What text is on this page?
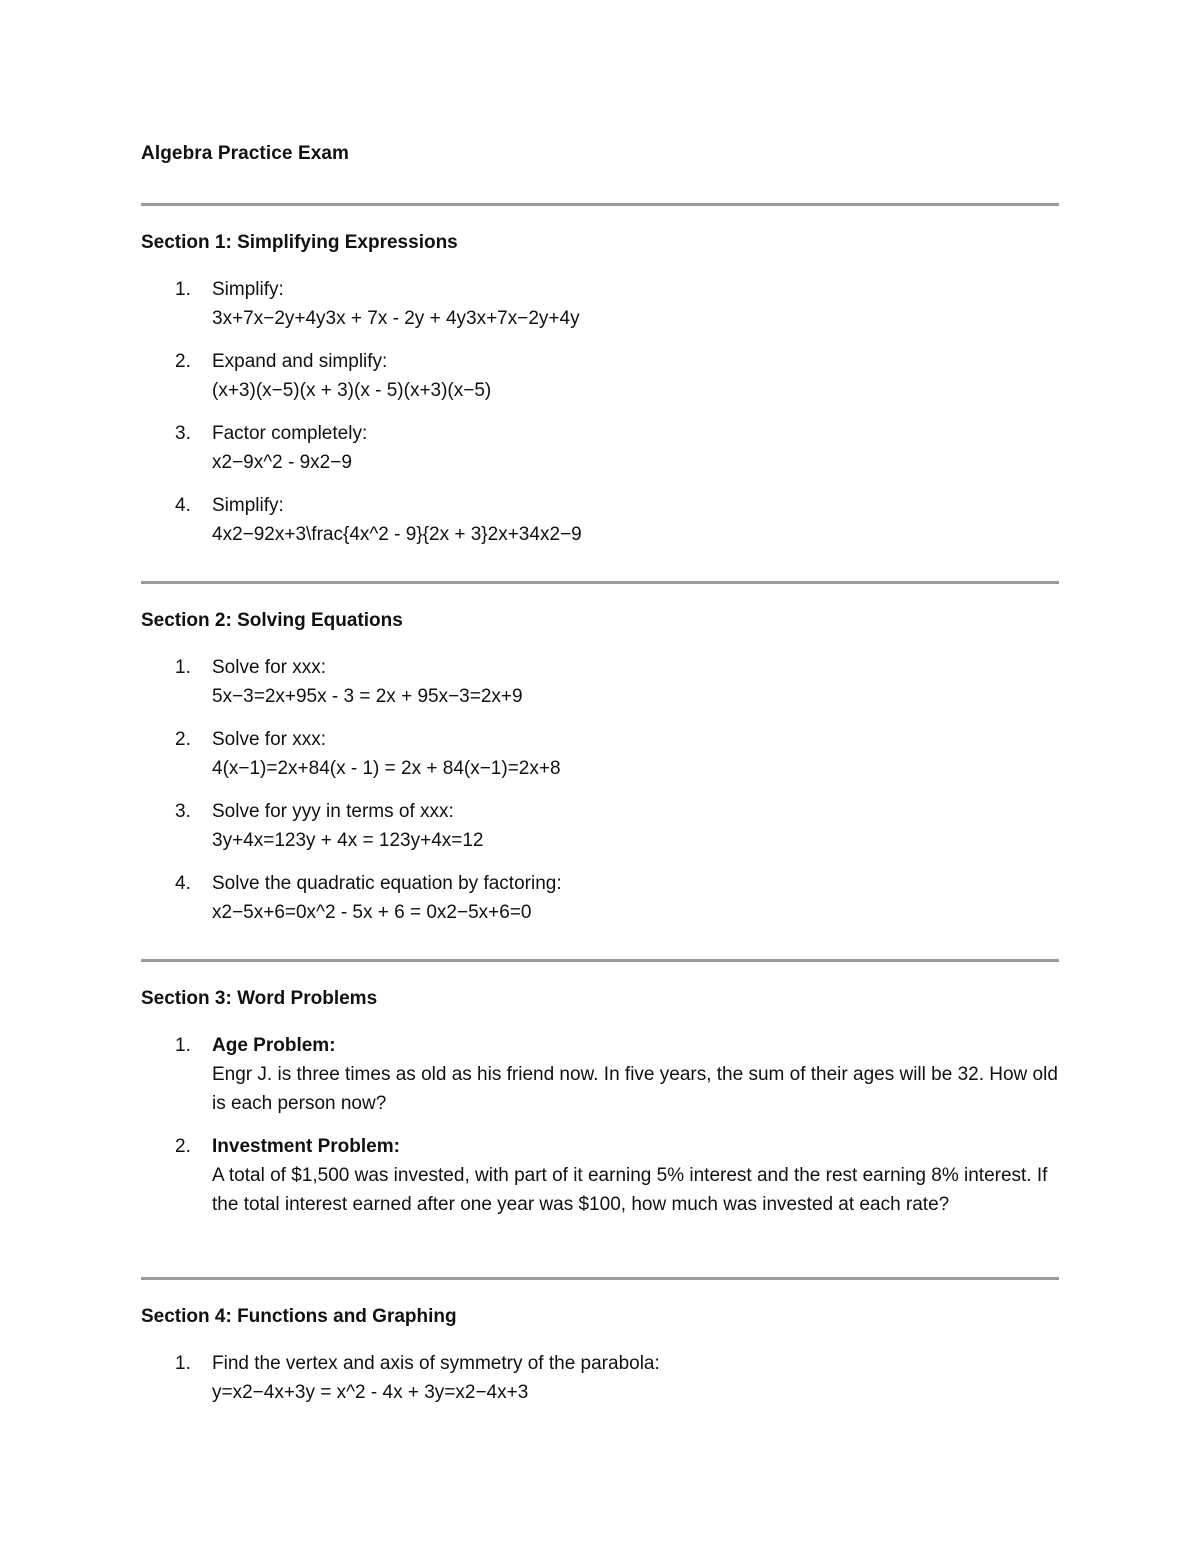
Algebra Practice Exam
Section 1: Simplifying Expressions
1. Simplify:
3x+7x−2y+4y3x + 7x - 2y + 4y3x+7x−2y+4y
2. Expand and simplify:
(x+3)(x−5)(x + 3)(x - 5)(x+3)(x−5)
3. Factor completely:
x2−9x^2 - 9x2−9
4. Simplify:
4x2−92x+3\frac{4x^2 - 9}{2x + 3}2x+34x2−9
Section 2: Solving Equations
1. Solve for xxx:
5x−3=2x+95x - 3 = 2x + 95x−3=2x+9
2. Solve for xxx:
4(x−1)=2x+84(x - 1) = 2x + 84(x−1)=2x+8
3. Solve for yyy in terms of xxx:
3y+4x=123y + 4x = 123y+4x=12
4. Solve the quadratic equation by factoring:
x2−5x+6=0x^2 - 5x + 6 = 0x2−5x+6=0
Section 3: Word Problems
1. Age Problem:
Engr J. is three times as old as his friend now. In five years, the sum of their ages will be 32. How old is each person now?
2. Investment Problem:
A total of $1,500 was invested, with part of it earning 5% interest and the rest earning 8% interest. If the total interest earned after one year was $100, how much was invested at each rate?
Section 4: Functions and Graphing
1. Find the vertex and axis of symmetry of the parabola:
y=x2−4x+3y = x^2 - 4x + 3y=x2−4x+3
